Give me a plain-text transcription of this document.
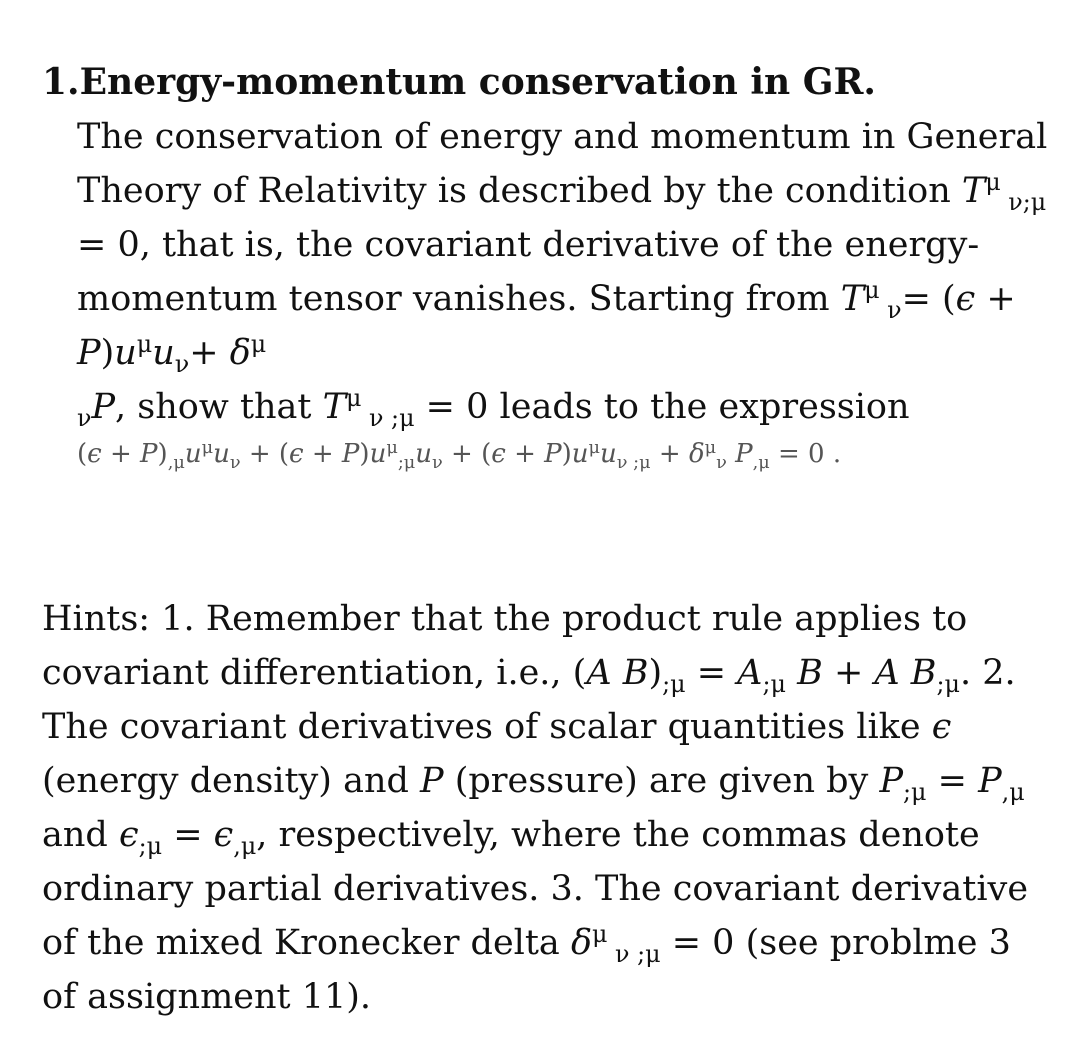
1.Energy-momentum conservation in GR.

The conservation of energy and momentum in General Theory of Relativity is described by the condition $T^\mu$ $_{\nu;\mu}$ = 0, that is, the covariant derivative of the energy-momentum tensor vanishes. Starting from $T^\mu$ $_\nu= (\epsilon + P)u^\mu u_\nu+ \delta^\mu$
$_\nu$P, show that $T^\mu$ $_{\nu ;\mu}$ = 0 leads to the expression
$(\epsilon + P)_{,\mu}u^\mu u_\nu + (\epsilon + P)u^\mu_{;\mu}u_\nu + (\epsilon + P)u^\mu u_{\nu ;\mu} + \delta^\mu_\nu$ $P_{,\mu} = 0$ .
Hints: 1. Remember that the product rule applies to covariant differentiation, i.e., (A $B)_{;\mu} = A_{;\mu}$ B + A $B_{;\mu}$. 2. The covariant derivatives of scalar quantities like ϵ (energy density) and P (pressure) are given by $P_{;\mu} = P_{,\mu}$ and $\epsilon_{;\mu} = \epsilon_{,\mu}$, respectively, where the commas denote ordinary partial derivatives. 3. The covariant derivative of the mixed Kronecker delta $\delta^\mu$ $_{\nu ;\mu}$ = 0 (see problme 3 of assignment 11).
